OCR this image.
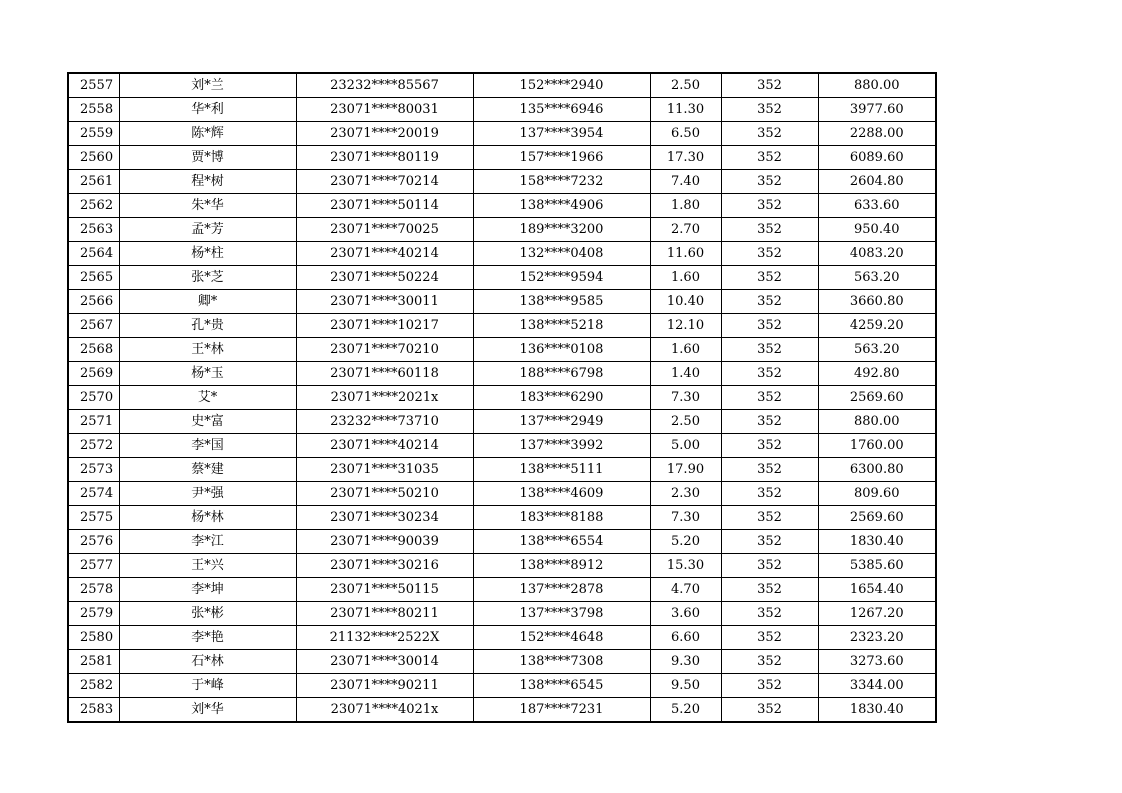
2557	刘*兰	23232****85567	152****2940	2.50	352	880.00
2558	华*利	23071****80031	135****6946	11.30	352	3977.60
2559	陈*辉	23071****20019	137****3954	6.50	352	2288.00
2560	贾*博	23071****80119	157****1966	17.30	352	6089.60
2561	程*树	23071****70214	158****7232	7.40	352	2604.80
2562	朱*华	23071****50114	138****4906	1.80	352	633.60
2563	孟*芳	23071****70025	189****3200	2.70	352	950.40
2564	杨*柱	23071****40214	132****0408	11.60	352	4083.20
2565	张*芝	23071****50224	152****9594	1.60	352	563.20
2566	卿*	23071****30011	138****9585	10.40	352	3660.80
2567	孔*贵	23071****10217	138****5218	12.10	352	4259.20
2568	王*林	23071****70210	136****0108	1.60	352	563.20
2569	杨*玉	23071****60118	188****6798	1.40	352	492.80
2570	艾*	23071****2021x	183****6290	7.30	352	2569.60
2571	史*富	23232****73710	137****2949	2.50	352	880.00
2572	李*国	23071****40214	137****3992	5.00	352	1760.00
2573	蔡*建	23071****31035	138****5111	17.90	352	6300.80
2574	尹*强	23071****50210	138****4609	2.30	352	809.60
2575	杨*林	23071****30234	183****8188	7.30	352	2569.60
2576	李*江	23071****90039	138****6554	5.20	352	1830.40
2577	王*兴	23071****30216	138****8912	15.30	352	5385.60
2578	李*坤	23071****50115	137****2878	4.70	352	1654.40
2579	张*彬	23071****80211	137****3798	3.60	352	1267.20
2580	李*艳	21132****2522X	152****4648	6.60	352	2323.20
2581	石*林	23071****30014	138****7308	9.30	352	3273.60
2582	于*峰	23071****90211	138****6545	9.50	352	3344.00
2583	刘*华	23071****4021x	187****7231	5.20	352	1830.40
